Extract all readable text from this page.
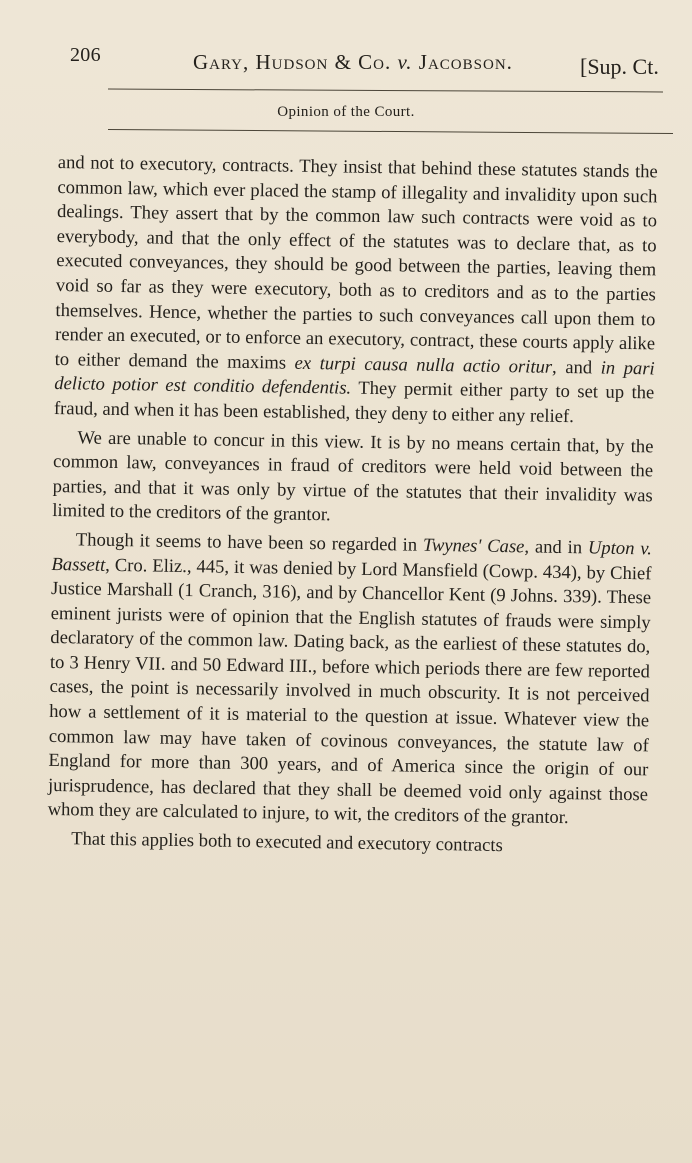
206	Gary, Hudson & Co. v. Jacobson.	[Sup. Ct.
Opinion of the Court.

and not to executory, contracts. They insist that behind these statutes stands the common law, which ever placed the stamp of illegality and invalidity upon such dealings. They assert that by the common law such contracts were void as to everybody, and that the only effect of the statutes was to declare that, as to executed conveyances, they should be good between the parties, leaving them void so far as they were executory, both as to creditors and as to the parties themselves. Hence, whether the parties to such conveyances call upon them to render an executed, or to enforce an executory, contract, these courts apply alike to either demand the maxims ex turpi causa nulla actio oritur, and in pari delicto potior est conditio defendentis. They permit either party to set up the fraud, and when it has been established, they deny to either any relief.

We are unable to concur in this view. It is by no means certain that, by the common law, conveyances in fraud of creditors were held void between the parties, and that it was only by virtue of the statutes that their invalidity was limited to the creditors of the grantor.

Though it seems to have been so regarded in Twynes' Case, and in Upton v. Bassett, Cro. Eliz., 445, it was denied by Lord Mansfield (Cowp. 434), by Chief Justice Marshall (1 Cranch, 316), and by Chancellor Kent (9 Johns. 339). These eminent jurists were of opinion that the English statutes of frauds were simply declaratory of the common law. Dating back, as the earliest of these statutes do, to 3 Henry VII. and 50 Edward III., before which periods there are few reported cases, the point is necessarily involved in much obscurity. It is not perceived how a settlement of it is material to the question at issue. Whatever view the common law may have taken of covinous conveyances, the statute law of England for more than 300 years, and of America since the origin of our jurisprudence, has declared that they shall be deemed void only against those whom they are calculated to injure, to wit, the creditors of the grantor.

That this applies both to executed and executory contracts
